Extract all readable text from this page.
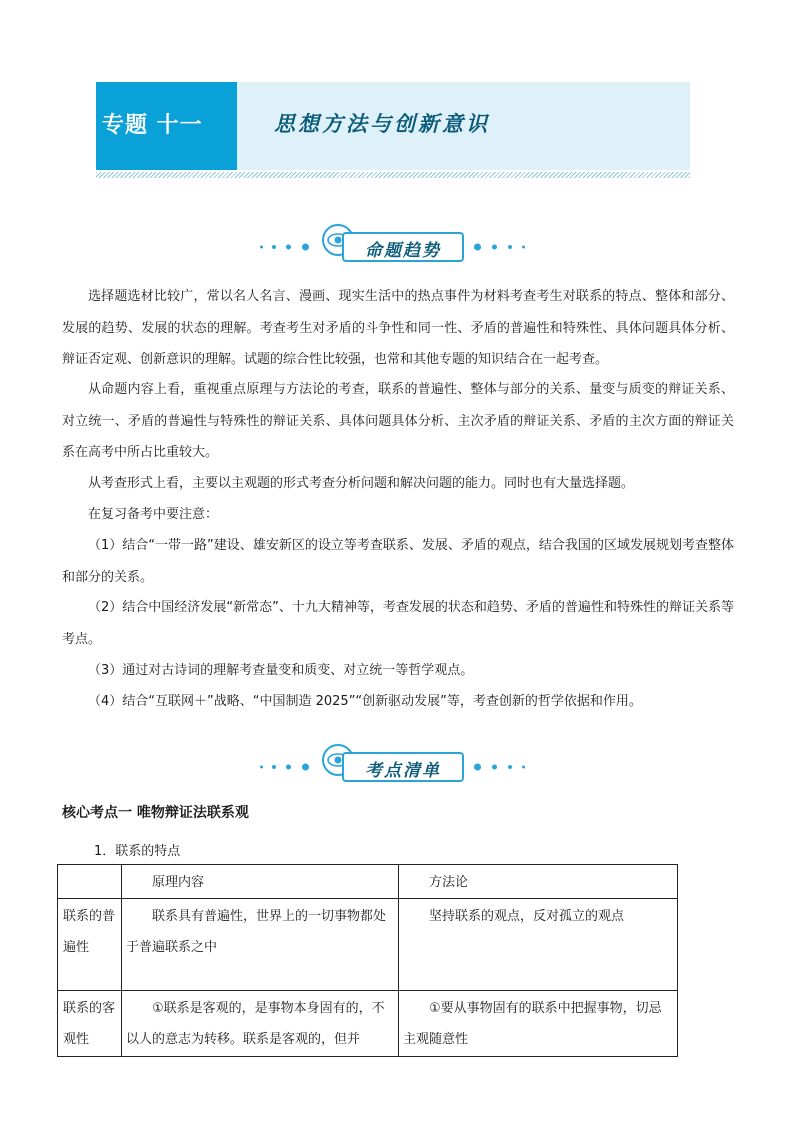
专题 十一	思想方法与创新意识
命题趋势

选择题选材比较广，常以名人名言、漫画、现实生活中的热点事件为材料考查考生对联系的特点、整体和部分、发展的趋势、发展的状态的理解。考查考生对矛盾的斗争性和同一性、矛盾的普遍性和特殊性、具体问题具体分析、辩证否定观、创新意识的理解。试题的综合性比较强，也常和其他专题的知识结合在一起考查。

从命题内容上看，重视重点原理与方法论的考查，联系的普遍性、整体与部分的关系、量变与质变的辩证关系、对立统一、矛盾的普遍性与特殊性的辩证关系、具体问题具体分析、主次矛盾的辩证关系、矛盾的主次方面的辩证关系在高考中所占比重较大。

从考查形式上看，主要以主观题的形式考查分析问题和解决问题的能力。同时也有大量选择题。

在复习备考中要注意：

（1）结合“一带一路”建设、雄安新区的设立等考查联系、发展、矛盾的观点，结合我国的区域发展规划考查整体和部分的关系。

（2）结合中国经济发展“新常态”、十九大精神等，考查发展的状态和趋势、矛盾的普遍性和特殊性的辩证关系等考点。

（3）通过对古诗词的理解考查量变和质变、对立统一等哲学观点。

（4）结合“互联网＋”战略、“中国制造 2025”“创新驱动发展”等，考查创新的哲学依据和作用。

考点清单
核心考点一 唯物辩证法联系观
1．联系的特点
	原理内容	方法论
联系的普遍性	联系具有普遍性，世界上的一切事物都处于普遍联系之中	坚持联系的观点，反对孤立的观点
联系的客观性	①联系是客观的，是事物本身固有的，不以人的意志为转移。联系是客观的，但并	①要从事物固有的联系中把握事物，切忌主观随意性
